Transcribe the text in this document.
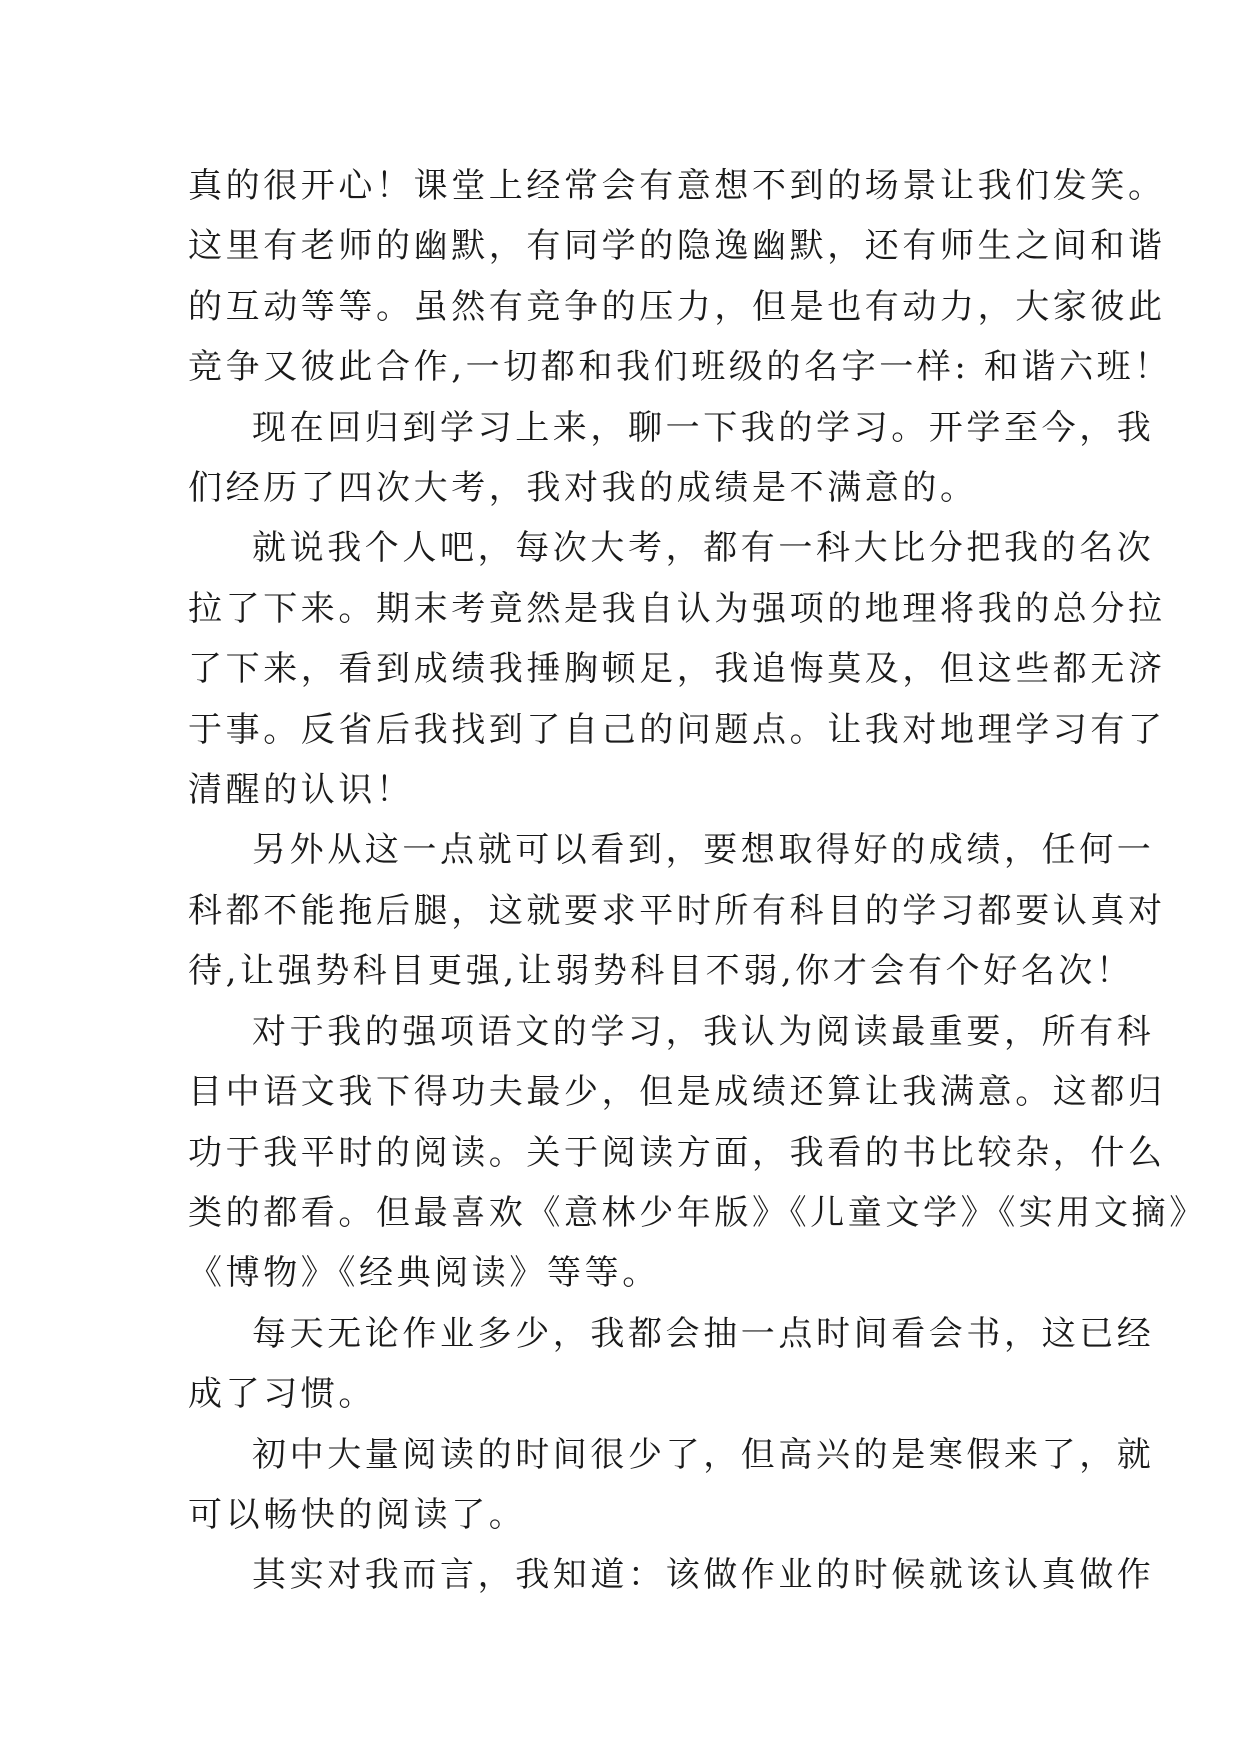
真的很开心！课堂上经常会有意想不到的场景让我们发笑。
这里有老师的幽默，有同学的隐逸幽默，还有师生之间和谐
的互动等等。虽然有竞争的压力，但是也有动力，大家彼此
竞争又彼此合作,一切都和我们班级的名字一样: 和谐六班！
现在回归到学习上来，聊一下我的学习。开学至今，我
们经历了四次大考，我对我的成绩是不满意的。
就说我个人吧，每次大考，都有一科大比分把我的名次
拉了下来。期末考竟然是我自认为强项的地理将我的总分拉
了下来，看到成绩我捶胸顿足，我追悔莫及，但这些都无济
于事。反省后我找到了自己的问题点。让我对地理学习有了
清醒的认识！
另外从这一点就可以看到，要想取得好的成绩，任何一
科都不能拖后腿，这就要求平时所有科目的学习都要认真对
待,让强势科目更强,让弱势科目不弱,你才会有个好名次！
对于我的强项语文的学习，我认为阅读最重要，所有科
目中语文我下得功夫最少，但是成绩还算让我满意。这都归
功于我平时的阅读。关于阅读方面，我看的书比较杂，什么
类的都看。但最喜欢《意林少年版》《儿童文学》《实用文摘》
《博物》《经典阅读》等等。
每天无论作业多少，我都会抽一点时间看会书，这已经
成了习惯。
初中大量阅读的时间很少了，但高兴的是寒假来了，就
可以畅快的阅读了。
其实对我而言，我知道：该做作业的时候就该认真做作
